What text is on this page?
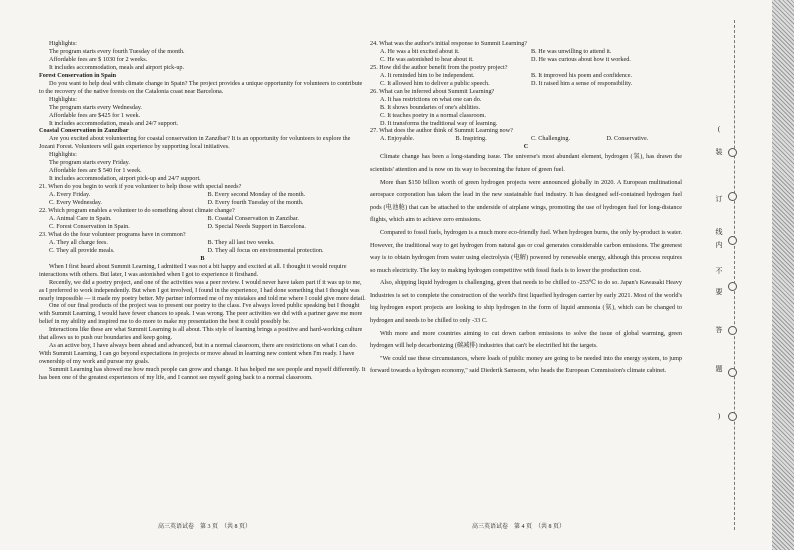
Highlights:

The program starts every fourth Tuesday of the month.

Affordable fees are $ 1030 for 2 weeks.

It includes accommodation, meals and airport pick-up.

Forest Conservation in Spain

Do you want to help deal with climate change in Spain? The project provides a unique opportunity for volunteers to contribute to the recovery of the native forests on the Catalonia coast near Barcelona.

Highlights:

The program starts every Wednesday.

Affordable fees are $425 for 1 week.

It includes accommodation, meals and 24/7 support.

Coastal Conservation in Zanzibar

Are you excited about volunteering for coastal conservation in Zanzibar? It is an opportunity for volunteers to explore the Jozani Forest. Volunteers will gain experience by supporting local initiatives.

Highlights:

The program starts every Friday.

Affordable fees are $ 540 for 1 week.

It includes accommodation, airport pick-up and 24/7 support.

21. When do you begin to work if you volunteer to help those with special needs?

A. Every Friday.	B. Every second Monday of the month.
C. Every Wednesday.	D. Every fourth Tuesday of the month.

22. Which program enables a volunteer to do something about climate change?

A. Animal Care in Spain.	B. Coastal Conservation in Zanzibar.
C. Forest Conservation in Spain.	D. Special Needs Support in Barcelona.

23. What do the four volunteer programs have in common?

A. They all charge fees.	B. They all last two weeks.
C. They all provide meals.	D. They all focus on environmental protection.

B

When I first heard about Summit Learning, I admitted I was not a bit happy and excited at all. I thought it would require interactions with others. But later, I was astonished when I got to experience it firsthand.

Recently, we did a poetry project, and one of the activities was a peer review. I would never have taken part if it was up to me, as I preferred to work independently. But when I got involved, I found in the experience, I had done something that I thought was nearly impossible — it made my poetry better. My partner informed me of my mistakes and told me where I could give more detail.

One of our final products of the project was to present our poetry to the class. I've always loved public speaking but I thought with Summit Learning, I would have fewer chances to speak. I was wrong. The peer activities we did with a partner gave me more belief in my ability and inspired me to do more to make my presentation the best it could possibly be.

Interactions like these are what Summit Learning is all about. This style of learning brings a positive and hard-working culture that allows us to push our boundaries and keep going.

As an active boy, I have always been ahead and advanced, but in a normal classroom, there are restrictions on what I can do. With Summit Learning, I can go beyond expectations in projects or move ahead in learning new content when I'm ready. I have ownership of my work and pursue my goals.

Summit Learning has showed me how much people can grow and change. It has helped me see people and myself differently. It has been one of the greatest experiences of my life, and I cannot see myself going back to a normal classroom.

24. What was the author's initial response to Summit Learning?

A. He was a bit excited about it.	B. He was unwilling to attend it.
C. He was astonished to hear about it.	D. He was curious about how it worked.

25. How did the author benefit from the poetry project?

A. It reminded him to be independent.	B. It improved his poem and confidence.
C. It allowed him to deliver a public speech.	D. It raised him a sense of responsibility.

26. What can be inferred about Summit Learning?

A. It has restrictions on what one can do.

B. It shows boundaries of one's abilities.

C. It teaches poetry in a normal classroom.

D. It transforms the traditional way of learning.

27. What does the author think of Summit Learning now?

A. Enjoyable.	B. Inspiring.	C. Challenging.	D. Conservative.

C

Climate change has been a long-standing issue. The universe's most abundant element, hydrogen (氢), has drawn the scientists' attention and is now on its way to becoming the future of green fuel.

More than $150 billion worth of green hydrogen projects were announced globally in 2020. A European multinational aerospace corporation has taken the lead in the new sustainable fuel industry. It has designed self-contained hydrogen fuel pods (电池舱) that can be attached to the underside of airplane wings, promoting the use of hydrogen fuel for long-distance flights, which aim to achieve zero emissions.

Compared to fossil fuels, hydrogen is a much more eco-friendly fuel. When hydrogen burns, the only by-product is water. However, the traditional way to get hydrogen from natural gas or coal generates considerable carbon emissions. The greenest way is to obtain hydrogen from water using electrolysis (电解) powered by renewable energy, although this process requires so much electricity. The key to making hydrogen competitive with fossil fuels is to lower the production cost.

Also, shipping liquid hydrogen is challenging, given that needs to be chilled to -253℃ to do so. Japan's Kawasaki Heavy Industries is set to complete the construction of the world's first liquefied hydrogen carrier by early 2021. Most of the world's big hydrogen export projects are looking to ship hydrogen in the form of liquid ammonia (氨), which can be changed to hydrogen and needs to be chilled to only -33 C.

With more and more countries aiming to cut down carbon emissions to solve the issue of global warming, green hydrogen will help decarbonizing (碳减排) industries that can't be electrified hit the targets.

"We could use these circumstances, where loads of public money are going to be needed into the energy system, to jump forward towards a hydrogen economy," said Diederik Samsom, who heads the European Commission's climate cabinet.

高三英语试卷　第 3 页　（共 8 页）	高三英语试卷　第 4 页　（共 8 页）
(
装
订
线
内
不
要
答
题
)
